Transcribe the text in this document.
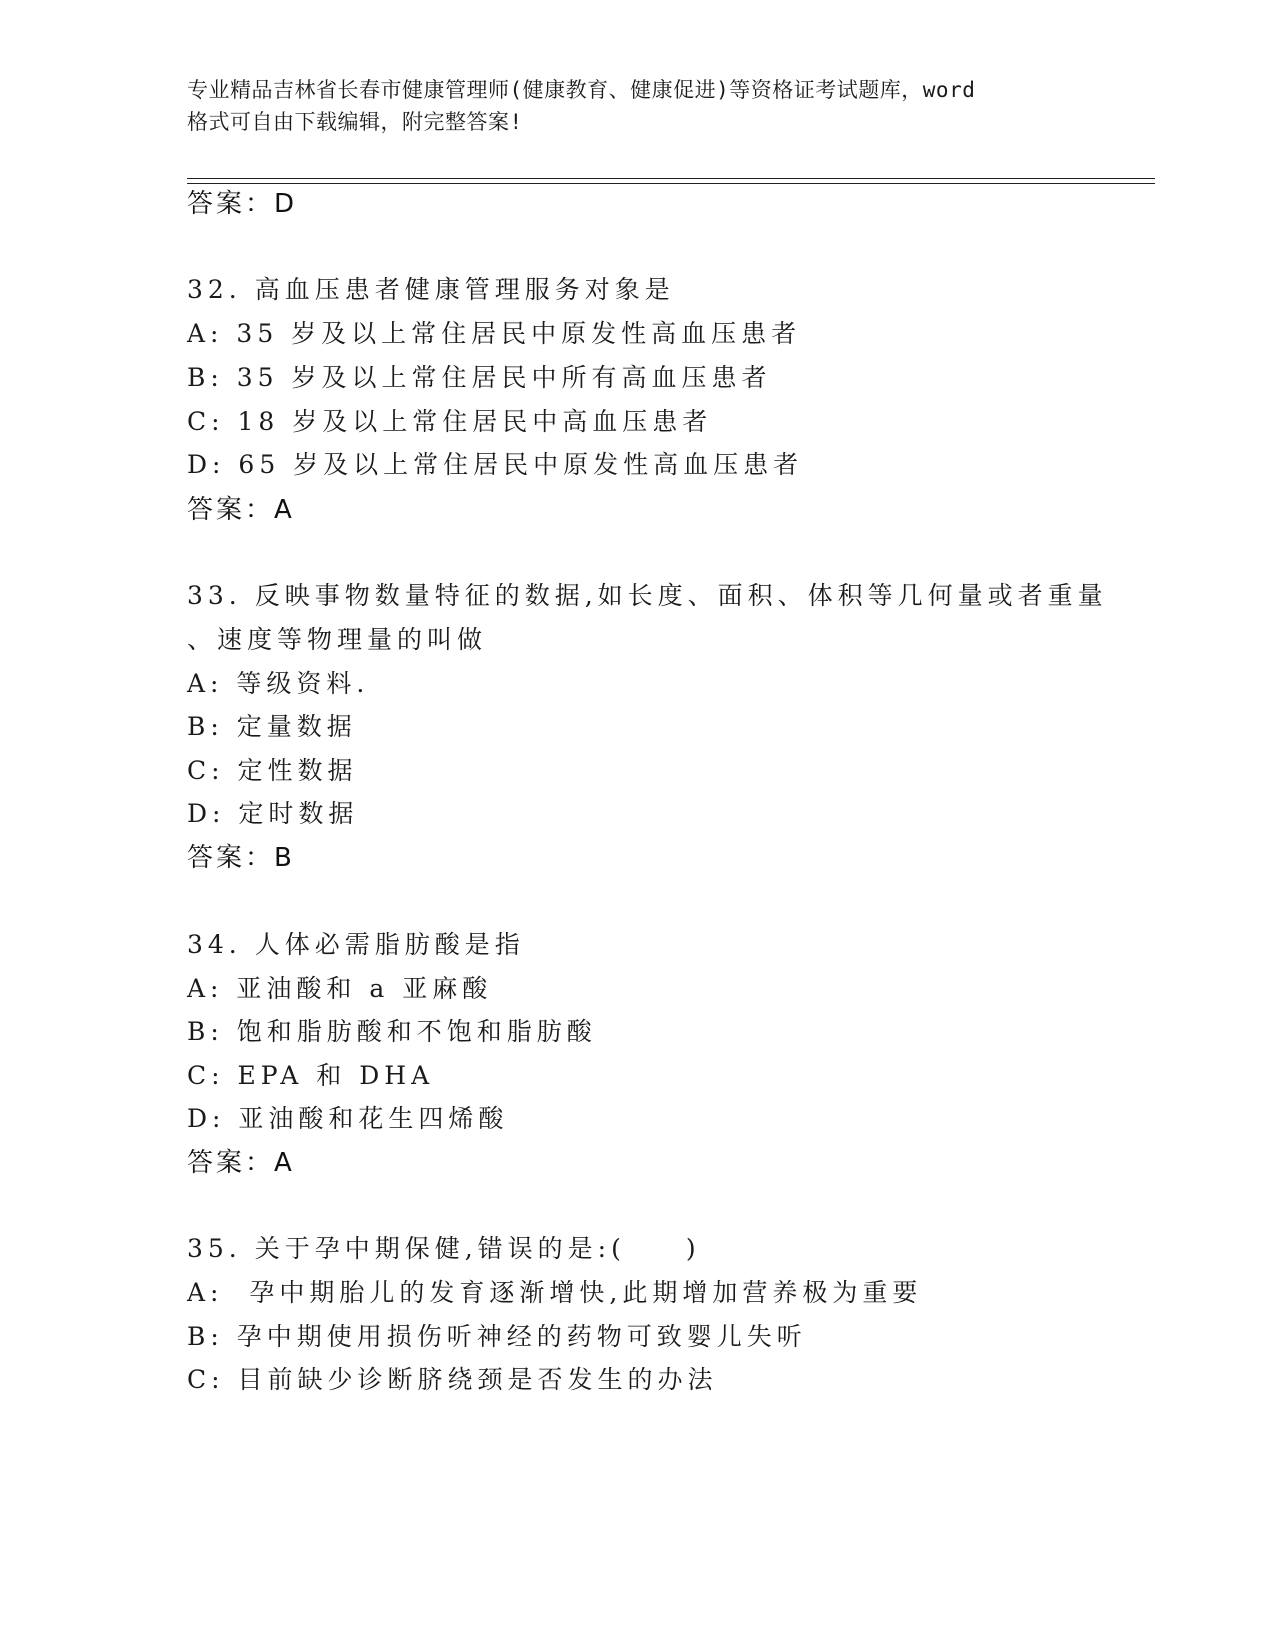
专业精品吉林省长春市健康管理师(健康教育、健康促进)等资格证考试题库，word
格式可自由下载编辑，附完整答案!
答案：D
32. 高血压患者健康管理服务对象是
A: 35 岁及以上常住居民中原发性高血压患者
B: 35 岁及以上常住居民中所有高血压患者
C: 18 岁及以上常住居民中高血压患者
D: 65 岁及以上常住居民中原发性高血压患者
答案：A
33. 反映事物数量特征的数据,如长度、面积、体积等几何量或者重量
、速度等物理量的叫做
A: 等级资料.
B: 定量数据
C: 定性数据
D: 定时数据
答案：B
34. 人体必需脂肪酸是指
A: 亚油酸和 a 亚麻酸
B: 饱和脂肪酸和不饱和脂肪酸
C: EPA 和 DHA
D: 亚油酸和花生四烯酸
答案：A
35. 关于孕中期保健,错误的是:(　　)
A:  孕中期胎儿的发育逐渐增快,此期增加营养极为重要
B: 孕中期使用损伤听神经的药物可致婴儿失听
C: 目前缺少诊断脐绕颈是否发生的办法
